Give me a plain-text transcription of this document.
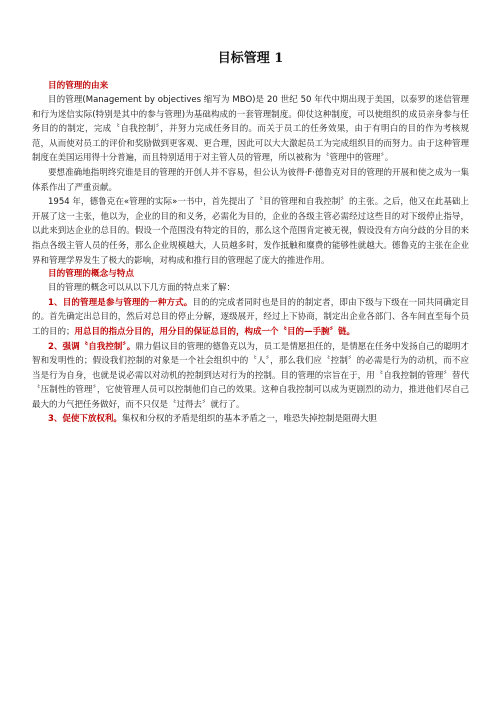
目标管理 1
目的管理的由来

目的管理(Management by objectives 缩写为 MBO)是 20 世纪 50 年代中期出现于美国，以泰罗的迷信管理和行为迷信实际(特别是其中的参与管理)为基础构成的一套管理制度。仰仗这种制度，可以使组织的成员亲身参与任务目的的制定，完成〝自我控制〞，并努力完成任务目的。而关于员工的任务效果，由于有明白的目的作为考核规范，从而使对员工的评价和奖励做到更客观、更合理，因此可以大大激起员工为完成组织目的而努力。由于这种管理制度在美国运用得十分普遍，而且特别适用于对主管人员的管理，所以被称为〝管理中的管理〞。

要想准确地指明终究谁是目的管理的开创人并不容易，但公认为彼得·F·德鲁克对目的管理的开展和使之成为一集体系作出了严重贡献。

1954 年，德鲁克在«管理的实际»一书中，首先提出了〝目的管理和自我控制〞的主张。之后，他又在此基础上开展了这一主张，他以为，企业的目的和义务，必需化为目的，企业的各级主管必需经过这些目的对下级停止指导，以此来到达企业的总目的。假设一个范围没有特定的目的，那么这个范围肯定被无视，假设没有方向分歧的分目的来指点各级主管人员的任务，那么企业规模越大，人员越多时，发作抵触和糜费的能够性就越大。德鲁克的主张在企业界和管理学界发生了极大的影响，对构成和推行目的管理起了庞大的推进作用。

目的管理的概念与特点

目的管理的概念可以从以下几方面的特点来了解：

1、目的管理是参与管理的一种方式。目的的完成者同时也是目的的制定者，即由下级与下级在一同共同确定目的。首先确定出总目的，然后对总目的停止分解，逐级展开，经过上下协商，制定出企业各部门、各车间直至每个员工的目的；用总目的指点分目的，用分目的保证总目的，构成一个〝目的—手腕〞链。

2、强调〝自我控制〞。鼎力倡议目的管理的德鲁克以为，员工是情愿担任的，是情愿在任务中发扬自己的聪明才智和发明性的；假设我们控制的对象是一个社会组织中的〝人〞，那么我们应〝控制〞的必需是行为的动机，而不应当是行为自身，也就是说必需以对动机的控制到达对行为的控制。目的管理的宗旨在于，用〝自我控制的管理〞替代〝压制性的管理〞，它使管理人员可以控制他们自己的效果。这种自我控制可以成为更剧烈的动力，推进他们尽自己最大的力气把任务做好，而不只仅是〝过得去〞就行了。

3、促使下放权利。集权和分权的矛盾是组织的基本矛盾之一，唯恐失掉控制是阻碍大胆
